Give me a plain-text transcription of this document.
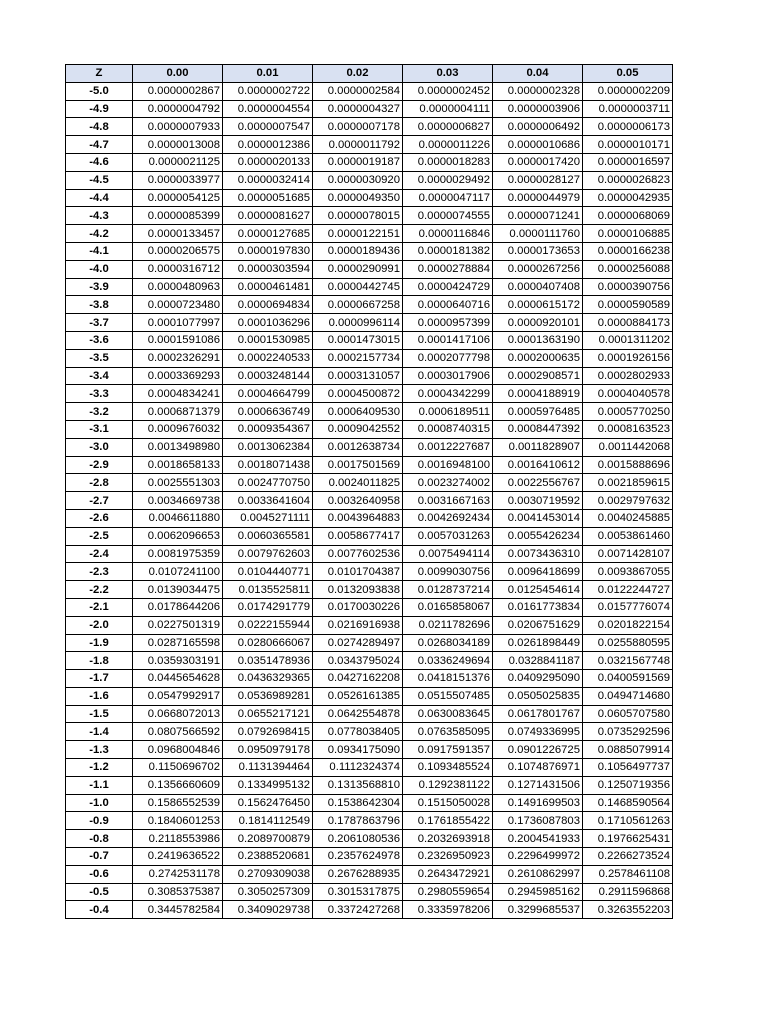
Z	0.00	0.01	0.02	0.03	0.04	0.05
-5.0	0.0000002867	0.0000002722	0.0000002584	0.0000002452	0.0000002328	0.0000002209
-4.9	0.0000004792	0.0000004554	0.0000004327	0.0000004111	0.0000003906	0.0000003711
-4.8	0.0000007933	0.0000007547	0.0000007178	0.0000006827	0.0000006492	0.0000006173
-4.7	0.0000013008	0.0000012386	0.0000011792	0.0000011226	0.0000010686	0.0000010171
-4.6	0.0000021125	0.0000020133	0.0000019187	0.0000018283	0.0000017420	0.0000016597
-4.5	0.0000033977	0.0000032414	0.0000030920	0.0000029492	0.0000028127	0.0000026823
-4.4	0.0000054125	0.0000051685	0.0000049350	0.0000047117	0.0000044979	0.0000042935
-4.3	0.0000085399	0.0000081627	0.0000078015	0.0000074555	0.0000071241	0.0000068069
-4.2	0.0000133457	0.0000127685	0.0000122151	0.0000116846	0.0000111760	0.0000106885
-4.1	0.0000206575	0.0000197830	0.0000189436	0.0000181382	0.0000173653	0.0000166238
-4.0	0.0000316712	0.0000303594	0.0000290991	0.0000278884	0.0000267256	0.0000256088
-3.9	0.0000480963	0.0000461481	0.0000442745	0.0000424729	0.0000407408	0.0000390756
-3.8	0.0000723480	0.0000694834	0.0000667258	0.0000640716	0.0000615172	0.0000590589
-3.7	0.0001077997	0.0001036296	0.0000996114	0.0000957399	0.0000920101	0.0000884173
-3.6	0.0001591086	0.0001530985	0.0001473015	0.0001417106	0.0001363190	0.0001311202
-3.5	0.0002326291	0.0002240533	0.0002157734	0.0002077798	0.0002000635	0.0001926156
-3.4	0.0003369293	0.0003248144	0.0003131057	0.0003017906	0.0002908571	0.0002802933
-3.3	0.0004834241	0.0004664799	0.0004500872	0.0004342299	0.0004188919	0.0004040578
-3.2	0.0006871379	0.0006636749	0.0006409530	0.0006189511	0.0005976485	0.0005770250
-3.1	0.0009676032	0.0009354367	0.0009042552	0.0008740315	0.0008447392	0.0008163523
-3.0	0.0013498980	0.0013062384	0.0012638734	0.0012227687	0.0011828907	0.0011442068
-2.9	0.0018658133	0.0018071438	0.0017501569	0.0016948100	0.0016410612	0.0015888696
-2.8	0.0025551303	0.0024770750	0.0024011825	0.0023274002	0.0022556767	0.0021859615
-2.7	0.0034669738	0.0033641604	0.0032640958	0.0031667163	0.0030719592	0.0029797632
-2.6	0.0046611880	0.0045271111	0.0043964883	0.0042692434	0.0041453014	0.0040245885
-2.5	0.0062096653	0.0060365581	0.0058677417	0.0057031263	0.0055426234	0.0053861460
-2.4	0.0081975359	0.0079762603	0.0077602536	0.0075494114	0.0073436310	0.0071428107
-2.3	0.0107241100	0.0104440771	0.0101704387	0.0099030756	0.0096418699	0.0093867055
-2.2	0.0139034475	0.0135525811	0.0132093838	0.0128737214	0.0125454614	0.0122244727
-2.1	0.0178644206	0.0174291779	0.0170030226	0.0165858067	0.0161773834	0.0157776074
-2.0	0.0227501319	0.0222155944	0.0216916938	0.0211782696	0.0206751629	0.0201822154
-1.9	0.0287165598	0.0280666067	0.0274289497	0.0268034189	0.0261898449	0.0255880595
-1.8	0.0359303191	0.0351478936	0.0343795024	0.0336249694	0.0328841187	0.0321567748
-1.7	0.0445654628	0.0436329365	0.0427162208	0.0418151376	0.0409295090	0.0400591569
-1.6	0.0547992917	0.0536989281	0.0526161385	0.0515507485	0.0505025835	0.0494714680
-1.5	0.0668072013	0.0655217121	0.0642554878	0.0630083645	0.0617801767	0.0605707580
-1.4	0.0807566592	0.0792698415	0.0778038405	0.0763585095	0.0749336995	0.0735292596
-1.3	0.0968004846	0.0950979178	0.0934175090	0.0917591357	0.0901226725	0.0885079914
-1.2	0.1150696702	0.1131394464	0.1112324374	0.1093485524	0.1074876971	0.1056497737
-1.1	0.1356660609	0.1334995132	0.1313568810	0.1292381122	0.1271431506	0.1250719356
-1.0	0.1586552539	0.1562476450	0.1538642304	0.1515050028	0.1491699503	0.1468590564
-0.9	0.1840601253	0.1814112549	0.1787863796	0.1761855422	0.1736087803	0.1710561263
-0.8	0.2118553986	0.2089700879	0.2061080536	0.2032693918	0.2004541933	0.1976625431
-0.7	0.2419636522	0.2388520681	0.2357624978	0.2326950923	0.2296499972	0.2266273524
-0.6	0.2742531178	0.2709309038	0.2676288935	0.2643472921	0.2610862997	0.2578461108
-0.5	0.3085375387	0.3050257309	0.3015317875	0.2980559654	0.2945985162	0.2911596868
-0.4	0.3445782584	0.3409029738	0.3372427268	0.3335978206	0.3299685537	0.3263552203
